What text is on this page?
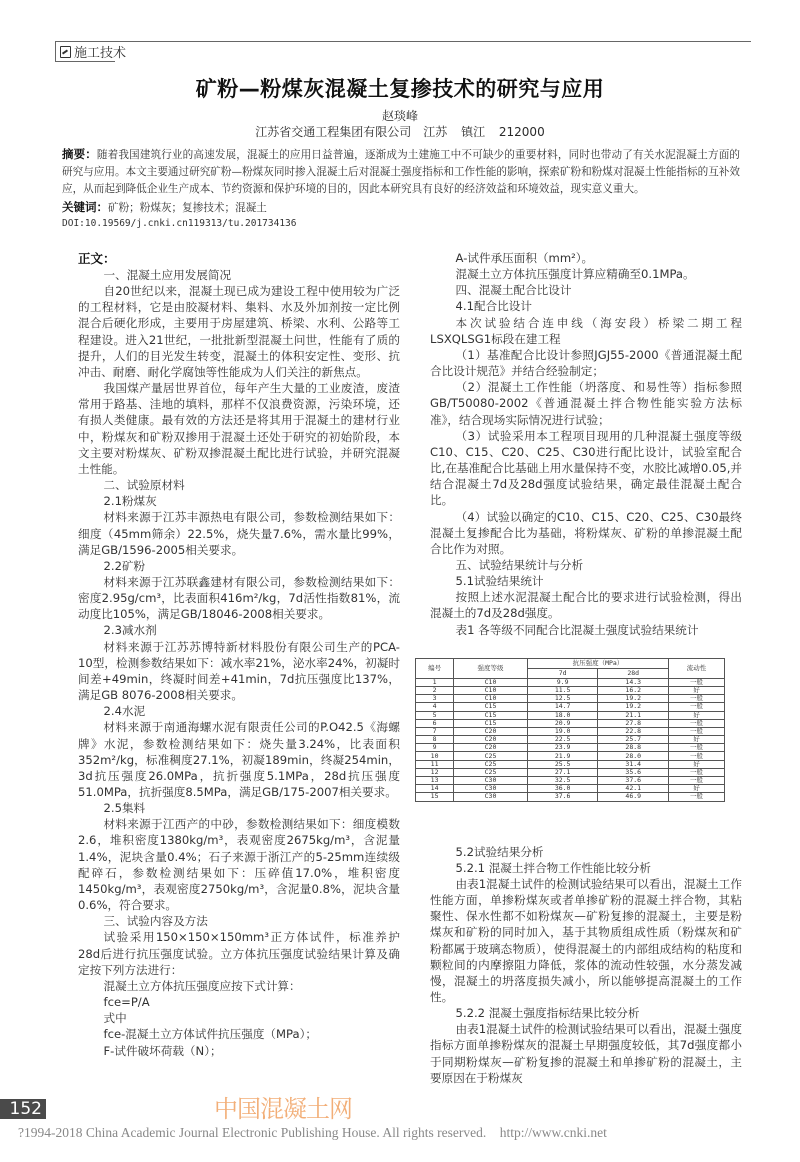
施工技术
矿粉—粉煤灰混凝土复掺技术的研究与应用
赵琰峰
江苏省交通工程集团有限公司　江苏 镇江 212000
摘要：随着我国建筑行业的高速发展，混凝土的应用日益普遍，逐渐成为土建施工中不可缺少的重要材料，同时也带动了有关水泥混凝土方面的研究与应用。本文主要通过研究矿粉—粉煤灰同时掺入混凝土后对混凝土强度指标和工作性能的影响，探索矿粉和粉煤对混凝土性能指标的互补效应，从而起到降低企业生产成本、节约资源和保护环境的目的，因此本研究具有良好的经济效益和环境效益，现实意义重大。
关键词：矿粉；粉煤灰；复掺技术；混凝土
DOI:10.19569/j.cnki.cn119313/tu.201734136
正文：

一、混凝土应用发展简况

自20世纪以来，混凝土现已成为建设工程中使用较为广泛的工程材料，它是由胶凝材料、集料、水及外加剂按一定比例混合后硬化形成，主要用于房屋建筑、桥梁、水利、公路等工程建设。进入21世纪，一批批新型混凝土问世，性能有了质的提升，人们的目光发生转变，混凝土的体积安定性、变形、抗冲击、耐磨、耐化学腐蚀等性能成为人们关注的新焦点。

我国煤产量居世界首位，每年产生大量的工业废渣，废渣常用于路基、洼地的填料，那样不仅浪费资源，污染环境，还有损人类健康。最有效的方法还是将其用于混凝土的建材行业中，粉煤灰和矿粉双掺用于混凝土还处于研究的初始阶段，本文主要对粉煤灰、矿粉双掺混凝土配比进行试验，并研究混凝土性能。

二、试验原材料

2.1粉煤灰

材料来源于江苏丰源热电有限公司，参数检测结果如下：细度（45mm筛余）22.5%，烧失量7.6%，需水量比99%，满足GB/1596-2005相关要求。

2.2矿粉

材料来源于江苏联鑫建材有限公司，参数检测结果如下：密度2.95g/cm³，比表面积416m²/kg，7d活性指数81%，流动度比105%，满足GB/18046-2008相关要求。

2.3减水剂

材料来源于江苏苏博特新材料股份有限公司生产的PCA-10型，检测参数结果如下：减水率21%，泌水率24%，初凝时间差+49min，终凝时间差+41min，7d抗压强度比137%，满足GB 8076-2008相关要求。

2.4水泥

材料来源于南通海螺水泥有限责任公司的P.O42.5《海螺牌》水泥，参数检测结果如下：烧失量3.24%，比表面积352m²/kg，标准稠度27.1%，初凝189min，终凝254min，3d抗压强度26.0MPa，抗折强度5.1MPa，28d抗压强度51.0MPa，抗折强度8.5MPa，满足GB/175-2007相关要求。

2.5集料

材料来源于江西产的中砂，参数检测结果如下：细度模数2.6，堆积密度1380kg/m³，表观密度2675kg/m³，含泥量1.4%，泥块含量0.4%；石子来源于浙江产的5-25mm连续级配碎石，参数检测结果如下：压碎值17.0%，堆积密度1450kg/m³，表观密度2750kg/m³，含泥量0.8%，泥块含量0.6%，符合要求。

三、试验内容及方法

试验采用150×150×150mm³正方体试件，标准养护28d后进行抗压强度试验。立方体抗压强度试验结果计算及确定按下列方法进行：

混凝土立方体抗压强度应按下式计算：

fce=P/A

式中

fce-混凝土立方体试件抗压强度（MPa）；

F-试件破坏荷载（N）；

A-试件承压面积（mm²）。

混凝土立方体抗压强度计算应精确至0.1MPa。

四、混凝土配合比设计

4.1配合比设计

本次试验结合连申线（海安段）桥梁二期工程LSXQLSG1标段在建工程

（1）基准配合比设计参照JGJ55-2000《普通混凝土配合比设计规范》并结合经验制定；

（2）混凝土工作性能（坍落度、和易性等）指标参照GB/T50080-2002《普通混凝土拌合物性能实验方法标准》，结合现场实际情况进行试验；

（3）试验采用本工程项目现用的几种混凝土强度等级C10、C15、C20、C25、C30进行配比设计，试验室配合比,在基准配合比基础上用水量保持不变，水胶比减增0.05,并结合混凝土7d及28d强度试验结果，确定最佳混凝土配合比。

（4）试验以确定的C10、C15、C20、C25、C30最终混凝土复掺配合比为基础，将粉煤灰、矿粉的单掺混凝土配合比作为对照。

五、试验结果统计与分析

5.1试验结果统计

按照上述水泥混凝土配合比的要求进行试验检测，得出混凝土的7d及28d强度。

表1 各等级不同配合比混凝土强度试验结果统计

编号	强度等级	抗压强度（MPa）		流动性
		7d	28d	
1	C10	9.9	14.3	一般
2	C10	11.5	16.2	好
3	C10	12.5	19.2	一般
4	C15	14.7	19.2	一般
5	C15	18.0	21.1	好
6	C15	20.9	27.8	一般
7	C20	19.0	22.8	一般
8	C20	22.5	25.7	好
9	C20	23.9	28.8	一般
10	C25	21.9	28.0	一般
11	C25	25.5	31.4	好
12	C25	27.1	35.6	一般
13	C30	32.5	37.6	一般
14	C30	36.0	42.1	好
15	C30	37.6	46.9	一般

5.2试验结果分析

5.2.1 混凝土拌合物工作性能比较分析

由表1混凝土试件的检测试验结果可以看出，混凝土工作性能方面，单掺粉煤灰或者单掺矿粉的混凝土拌合物，其粘聚性、保水性都不如粉煤灰—矿粉复掺的混凝土，主要是粉煤灰和矿粉的同时加入，基于其物质组成性质（粉煤灰和矿粉都属于玻璃态物质），使得混凝土的内部组成结构的粘度和颗粒间的内摩擦阻力降低，浆体的流动性较强，水分蒸发减慢，混凝土的坍落度损失减小，所以能够提高混凝土的工作性。

5.2.2 混凝土强度指标结果比较分析

由表1混凝土试件的检测试验结果可以看出，混凝土强度指标方面单掺粉煤灰的混凝土早期强度较低，其7d强度都小于同期粉煤灰—矿粉复掺的混凝土和单掺矿粉的混凝土，主要原因在于粉煤灰

152	中国混凝土网
?1994-2018 China Academic Journal Electronic Publishing House. All rights reserved.    http://www.cnki.net
